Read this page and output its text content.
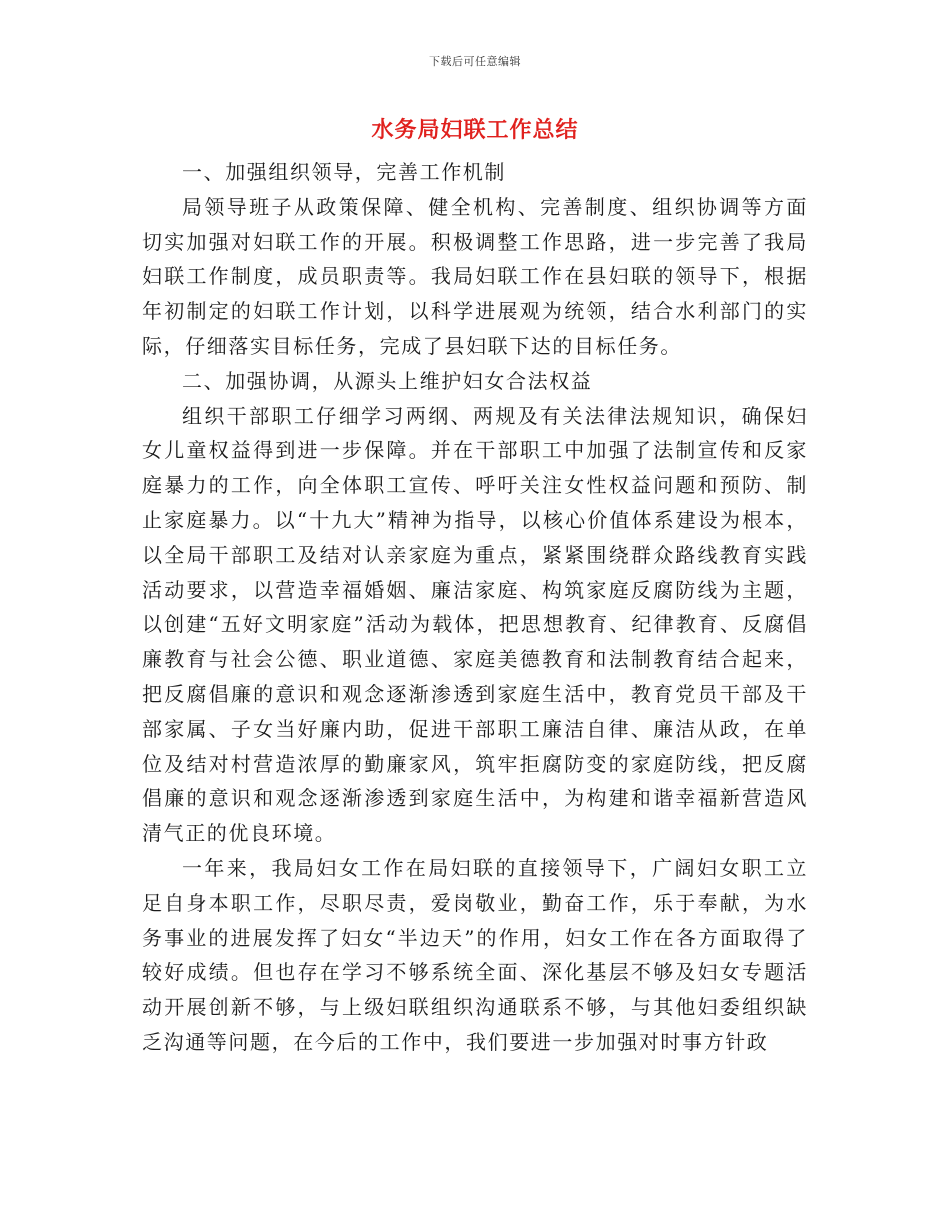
下载后可任意编辑
水务局妇联工作总结

一、加强组织领导，完善工作机制

局领导班子从政策保障、健全机构、完善制度、组织协调等方面切实加强对妇联工作的开展。积极调整工作思路，进一步完善了我局妇联工作制度，成员职责等。我局妇联工作在县妇联的领导下，根据年初制定的妇联工作计划，以科学进展观为统领，结合水利部门的实际，仔细落实目标任务，完成了县妇联下达的目标任务。

二、加强协调，从源头上维护妇女合法权益

组织干部职工仔细学习两纲、两规及有关法律法规知识，确保妇女儿童权益得到进一步保障。并在干部职工中加强了法制宣传和反家庭暴力的工作，向全体职工宣传、呼吁关注女性权益问题和预防、制止家庭暴力。以“十九大”精神为指导，以核心价值体系建设为根本，以全局干部职工及结对认亲家庭为重点，紧紧围绕群众路线教育实践活动要求，以营造幸福婚姻、廉洁家庭、构筑家庭反腐防线为主题，以创建“五好文明家庭”活动为载体，把思想教育、纪律教育、反腐倡廉教育与社会公德、职业道德、家庭美德教育和法制教育结合起来，把反腐倡廉的意识和观念逐渐渗透到家庭生活中，教育党员干部及干部家属、子女当好廉内助，促进干部职工廉洁自律、廉洁从政，在单位及结对村营造浓厚的勤廉家风，筑牢拒腐防变的家庭防线，把反腐倡廉的意识和观念逐渐渗透到家庭生活中，为构建和谐幸福新营造风清气正的优良环境。

一年来，我局妇女工作在局妇联的直接领导下，广阔妇女职工立足自身本职工作，尽职尽责，爱岗敬业，勤奋工作，乐于奉献，为水务事业的进展发挥了妇女“半边天”的作用，妇女工作在各方面取得了较好成绩。但也存在学习不够系统全面、深化基层不够及妇女专题活动开展创新不够，与上级妇联组织沟通联系不够，与其他妇委组织缺乏沟通等问题，在今后的工作中，我们要进一步加强对时事方针政
